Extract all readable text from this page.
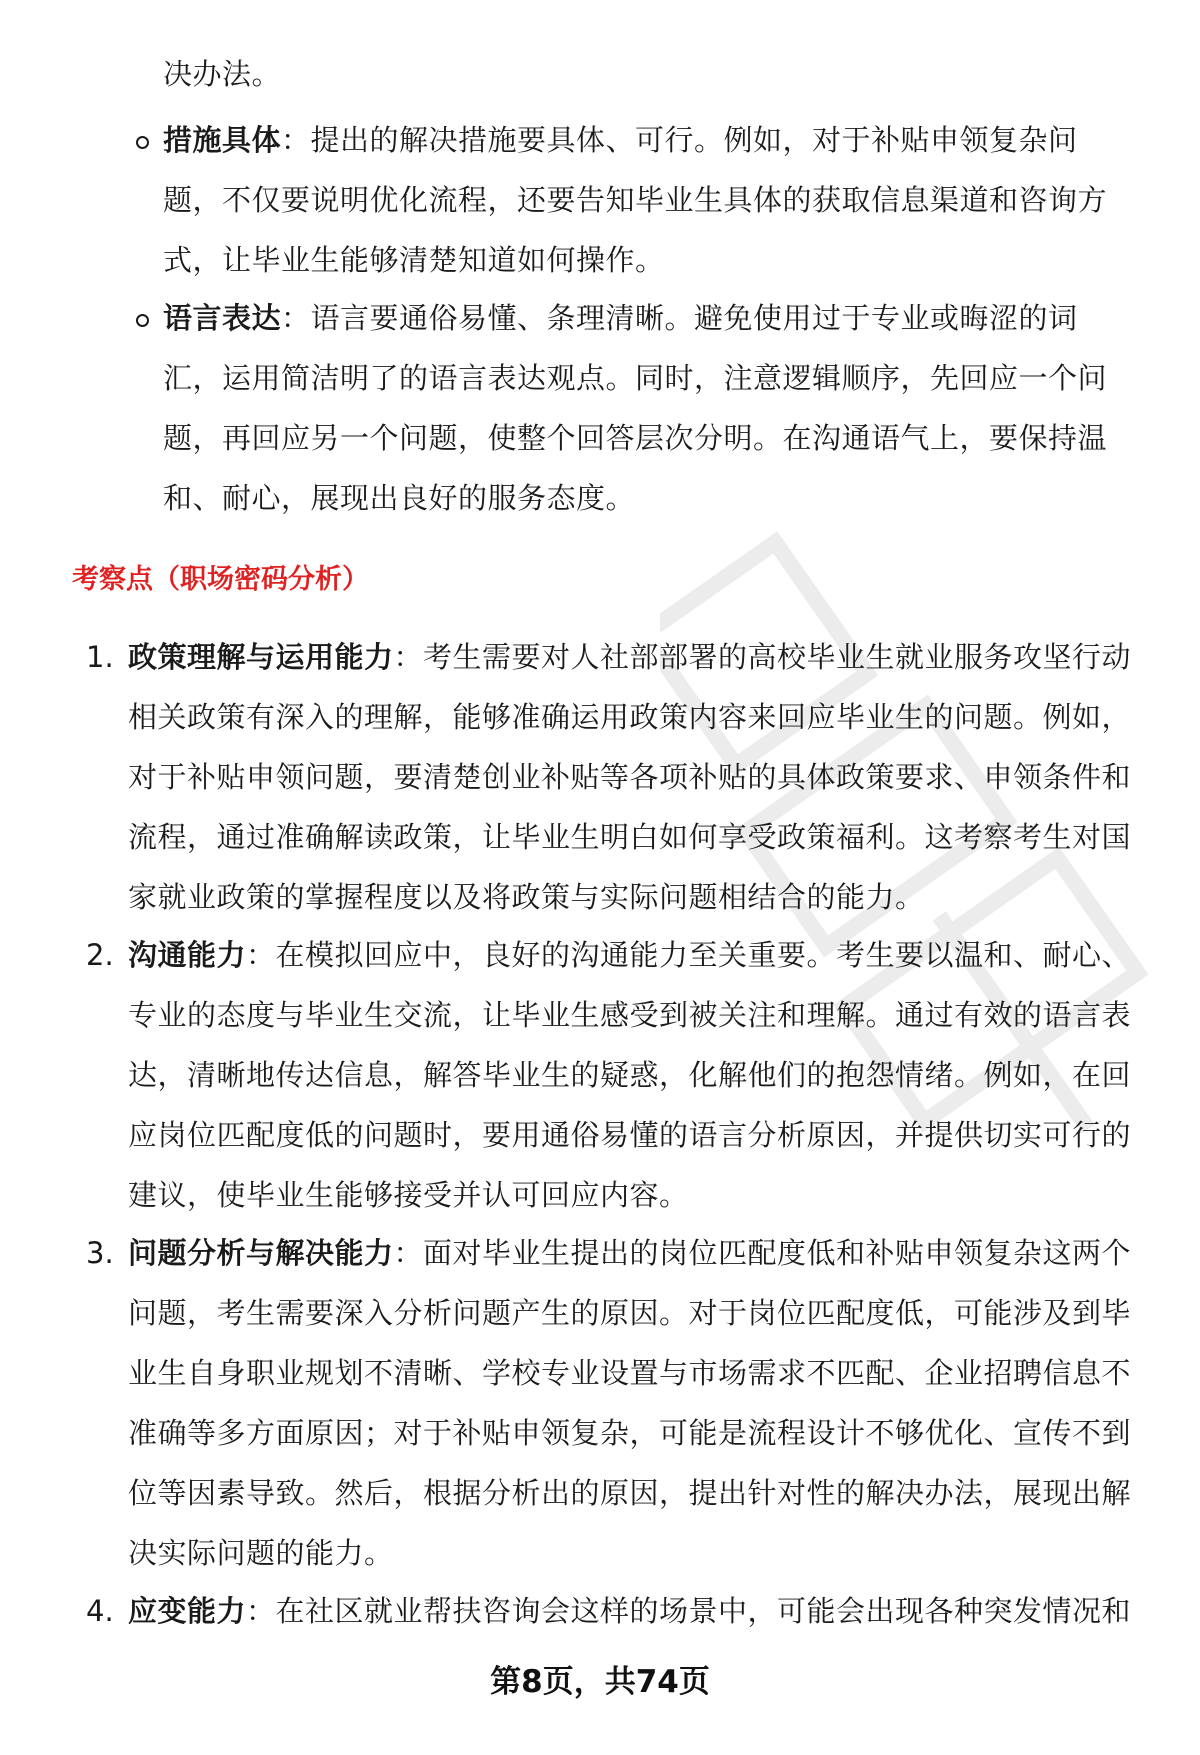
决办法。
措施具体：提出的解决措施要具体、可行。例如，对于补贴申领复杂问
题，不仅要说明优化流程，还要告知毕业生具体的获取信息渠道和咨询方
式，让毕业生能够清楚知道如何操作。
语言表达：语言要通俗易懂、条理清晰。避免使用过于专业或晦涩的词
汇，运用简洁明了的语言表达观点。同时，注意逻辑顺序，先回应一个问
题，再回应另一个问题，使整个回答层次分明。在沟通语气上，要保持温
和、耐心，展现出良好的服务态度。
考察点（职场密码分析）
1. 政策理解与运用能力：考生需要对人社部部署的高校毕业生就业服务攻坚行动
相关政策有深入的理解，能够准确运用政策内容来回应毕业生的问题。例如，
对于补贴申领问题，要清楚创业补贴等各项补贴的具体政策要求、申领条件和
流程，通过准确解读政策，让毕业生明白如何享受政策福利。这考察考生对国
家就业政策的掌握程度以及将政策与实际问题相结合的能力。
2. 沟通能力：在模拟回应中，良好的沟通能力至关重要。考生要以温和、耐心、
专业的态度与毕业生交流，让毕业生感受到被关注和理解。通过有效的语言表
达，清晰地传达信息，解答毕业生的疑惑，化解他们的抱怨情绪。例如，在回
应岗位匹配度低的问题时，要用通俗易懂的语言分析原因，并提供切实可行的
建议，使毕业生能够接受并认可回应内容。
3. 问题分析与解决能力：面对毕业生提出的岗位匹配度低和补贴申领复杂这两个
问题，考生需要深入分析问题产生的原因。对于岗位匹配度低，可能涉及到毕
业生自身职业规划不清晰、学校专业设置与市场需求不匹配、企业招聘信息不
准确等多方面原因；对于补贴申领复杂，可能是流程设计不够优化、宣传不到
位等因素导致。然后，根据分析出的原因，提出针对性的解决办法，展现出解
决实际问题的能力。
4. 应变能力：在社区就业帮扶咨询会这样的场景中，可能会出现各种突发情况和
第8页，共74页
